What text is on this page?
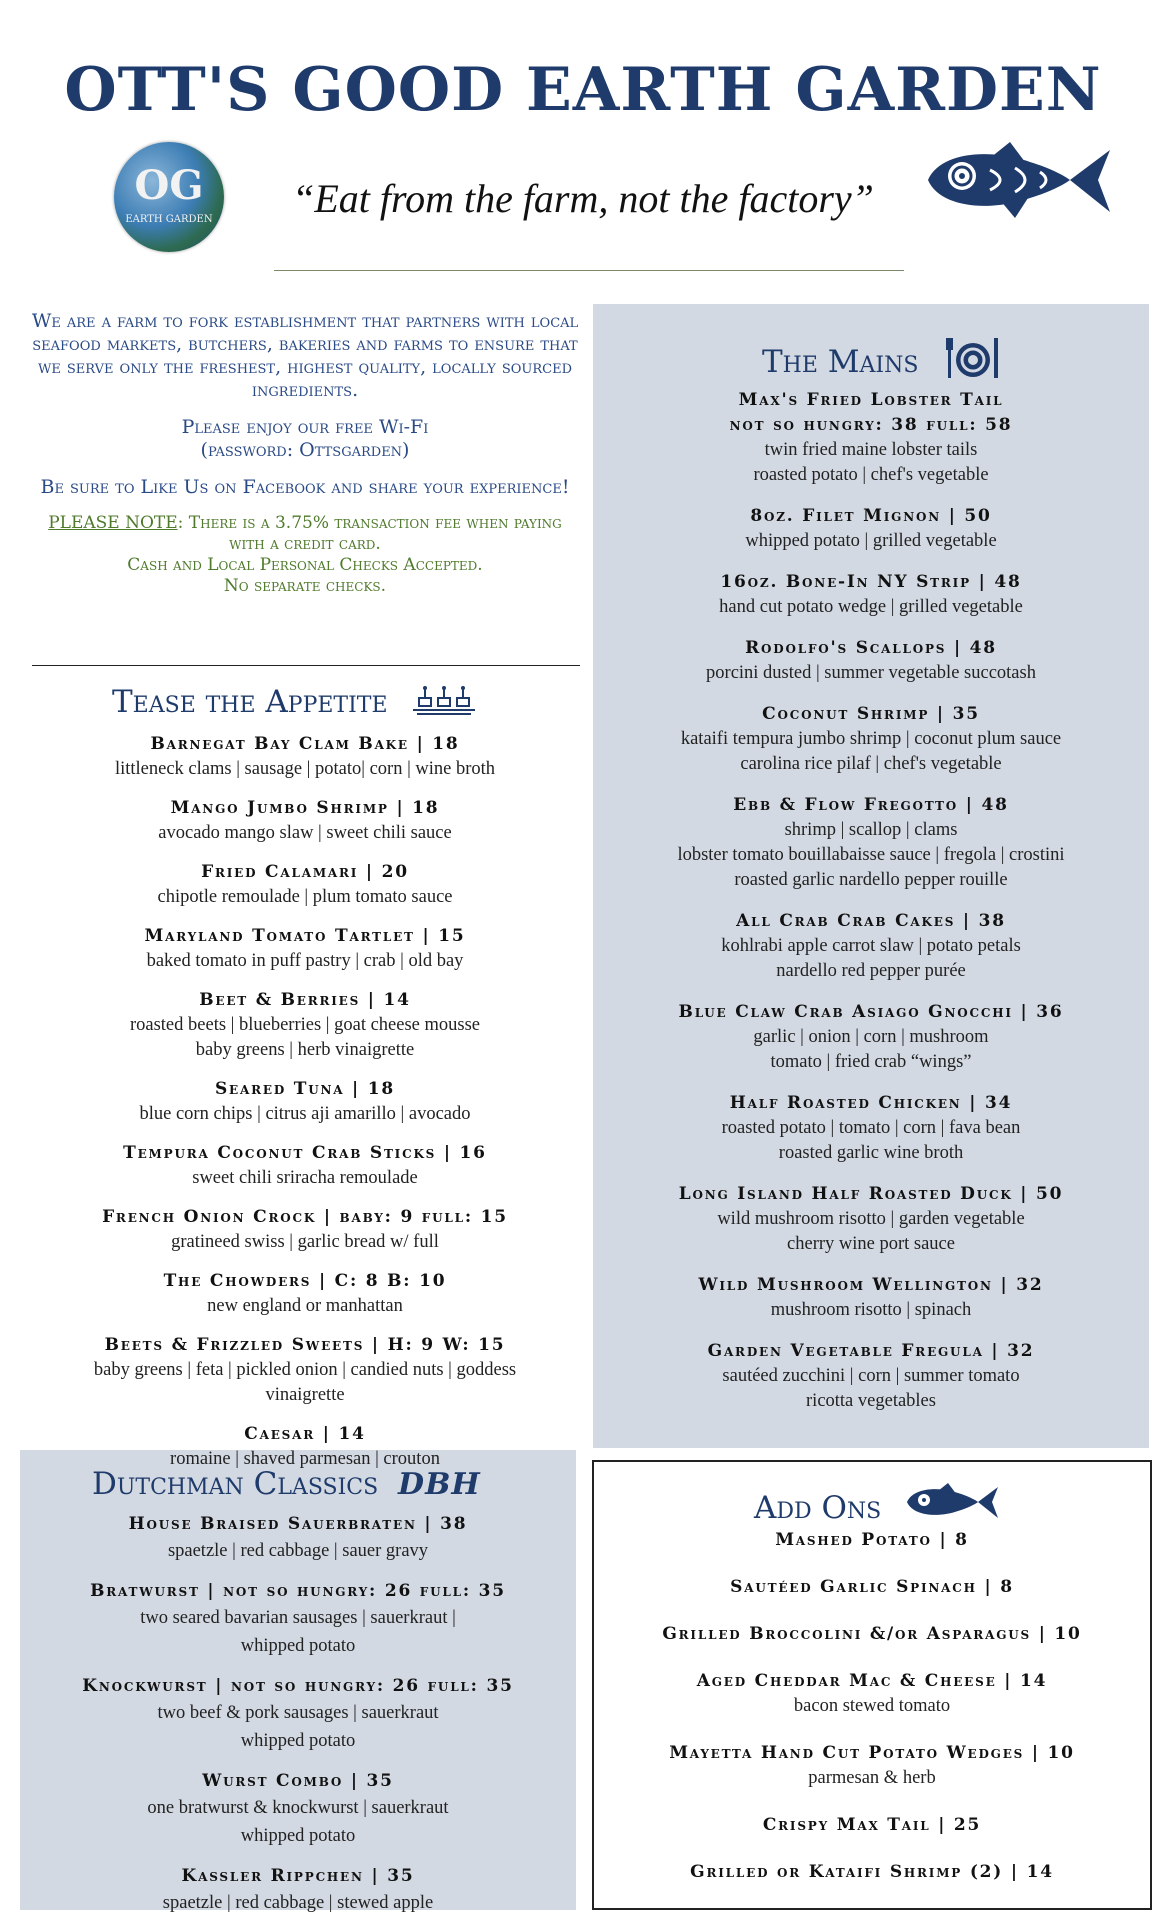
OTT'S GOOD EARTH GARDEN
OG
EARTH GARDEN	“Eat from the farm, not the factory”

We are a farm to fork establishment that partners with local seafood markets, butchers, bakeries and farms to ensure that we serve only the freshest, highest quality, locally sourced ingredients.

Please enjoy our free Wi-Fi
(password: Ottsgarden)

Be sure to Like Us on Facebook and share your experience!

PLEASE NOTE: There is a 3.75% transaction fee when paying with a credit card.
Cash and Local Personal Checks Accepted.
No separate checks.

Tease the Appetite
The Mains
Dutchman Classics DBH
Add Ons
Barnegat Bay Clam Bake | 18
littleneck clams | sausage | potato| corn | wine broth
Mango Jumbo Shrimp | 18
avocado mango slaw | sweet chili sauce
Fried Calamari | 20
chipotle remoulade | plum tomato sauce
Maryland Tomato Tartlet | 15
baked tomato in puff pastry | crab | old bay
Beet & Berries | 14
roasted beets | blueberries | goat cheese mousse
baby greens | herb vinaigrette
Seared Tuna | 18
blue corn chips | citrus aji amarillo | avocado
Tempura Coconut Crab Sticks | 16
sweet chili sriracha remoulade
French Onion Crock | baby: 9 full: 15
gratineed swiss | garlic bread w/ full
The Chowders | C: 8 B: 10
new england or manhattan
Beets & Frizzled Sweets | H: 9 W: 15
baby greens | feta | pickled onion | candied nuts | goddess
vinaigrette
Caesar | 14
romaine | shaved parmesan | crouton
Max's Fried Lobster Tail
not so hungry: 38 full: 58
twin fried maine lobster tails
roasted potato | chef's vegetable
8oz. Filet Mignon | 50
whipped potato | grilled vegetable
16oz. Bone-In NY Strip | 48
hand cut potato wedge | grilled vegetable
Rodolfo's Scallops | 48
porcini dusted | summer vegetable succotash
Coconut Shrimp | 35
kataifi tempura jumbo shrimp | coconut plum sauce
carolina rice pilaf | chef's vegetable
Ebb & Flow Fregotto | 48
shrimp | scallop | clams
lobster tomato bouillabaisse sauce | fregola | crostini
roasted garlic nardello pepper rouille
All Crab Crab Cakes | 38
kohlrabi apple carrot slaw | potato petals
nardello red pepper purée
Blue Claw Crab Asiago Gnocchi | 36
garlic | onion | corn | mushroom
tomato | fried crab “wings”
Half Roasted Chicken | 34
roasted potato | tomato | corn | fava bean
roasted garlic wine broth
Long Island Half Roasted Duck | 50
wild mushroom risotto | garden vegetable
cherry wine port sauce
Wild Mushroom Wellington | 32
mushroom risotto | spinach
Garden Vegetable Fregula | 32
sautéed zucchini | corn | summer tomato
ricotta vegetables
House Braised Sauerbraten | 38
spaetzle | red cabbage | sauer gravy
Bratwurst | not so hungry: 26 full: 35
two seared bavarian sausages | sauerkraut |
whipped potato
Knockwurst | not so hungry: 26 full: 35
two beef & pork sausages | sauerkraut
whipped potato
Wurst Combo | 35
one bratwurst & knockwurst | sauerkraut
whipped potato
Kassler Rippchen | 35
spaetzle | red cabbage | stewed apple
Mashed Potato | 8
Sautéed Garlic Spinach | 8
Grilled Broccolini &/or Asparagus | 10
Aged Cheddar Mac & Cheese | 14
bacon stewed tomato
Mayetta Hand Cut Potato Wedges | 10
parmesan & herb
Crispy Max Tail | 25
Grilled or Kataifi Shrimp (2) | 14
